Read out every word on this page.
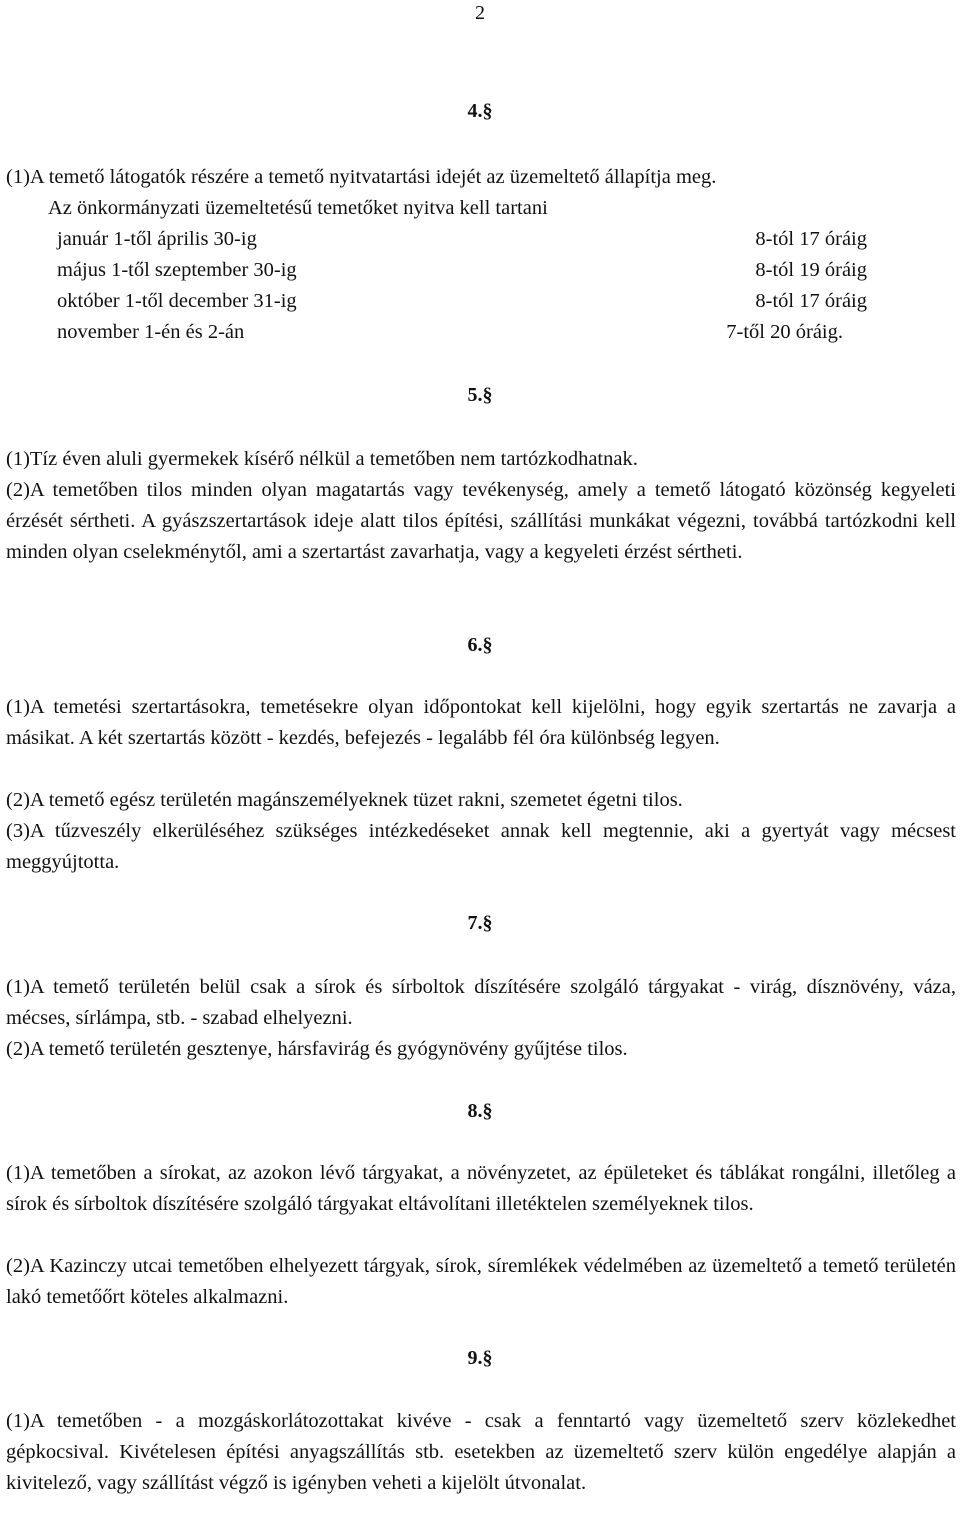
2
4.§
(1)A temető látogatók részére a temető nyitvatartási idejét az üzemeltető állapítja meg.
Az önkormányzati üzemeltetésű temetőket nyitva kell tartani
január 1-től április 30-ig	8-tól 17 óráig
május 1-től szeptember 30-ig	8-tól 19 óráig
október 1-től december 31-ig	8-tól 17 óráig
november 1-én és 2-án	7-től 20 óráig.
5.§

(1)Tíz éven aluli gyermekek kísérő nélkül a temetőben nem tartózkodhatnak.

(2)A temetőben tilos minden olyan magatartás vagy tevékenység, amely a temető látogató közönség kegyeleti érzését sértheti. A gyászszertartások ideje alatt tilos építési, szállítási munkákat végezni, továbbá tartózkodni kell minden olyan cselekménytől, ami a szertartást zavarhatja, vagy a kegyeleti érzést sértheti.

6.§

(1)A temetési szertartásokra, temetésekre olyan időpontokat kell kijelölni, hogy egyik szertartás ne zavarja a másikat. A két szertartás között - kezdés, befejezés - legalább fél óra különbség legyen.

(2)A temető egész területén magánszemélyeknek tüzet rakni, szemetet égetni tilos.

(3)A tűzveszély elkerüléséhez szükséges intézkedéseket annak kell megtennie, aki a gyertyát vagy mécsest meggyújtotta.

7.§

(1)A temető területén belül csak a sírok és sírboltok díszítésére szolgáló tárgyakat - virág, dísznövény, váza, mécses, sírlámpa, stb. - szabad elhelyezni.

(2)A temető területén gesztenye, hársfavirág és gyógynövény gyűjtése tilos.

8.§

(1)A temetőben a sírokat, az azokon lévő tárgyakat, a növényzetet, az épületeket és táblákat rongálni, illetőleg a sírok és sírboltok díszítésére szolgáló tárgyakat eltávolítani illetéktelen személyeknek tilos.

(2)A Kazinczy utcai temetőben elhelyezett tárgyak, sírok, síremlékek védelmében az üzemeltető a temető területén lakó temetőőrt köteles alkalmazni.

9.§

(1)A temetőben - a mozgáskorlátozottakat kivéve - csak a fenntartó vagy üzemeltető szerv közlekedhet gépkocsival. Kivételesen építési anyagszállítás stb. esetekben az üzemeltető szerv külön engedélye alapján a kivitelező, vagy szállítást végző is igényben veheti a kijelölt útvonalat.
